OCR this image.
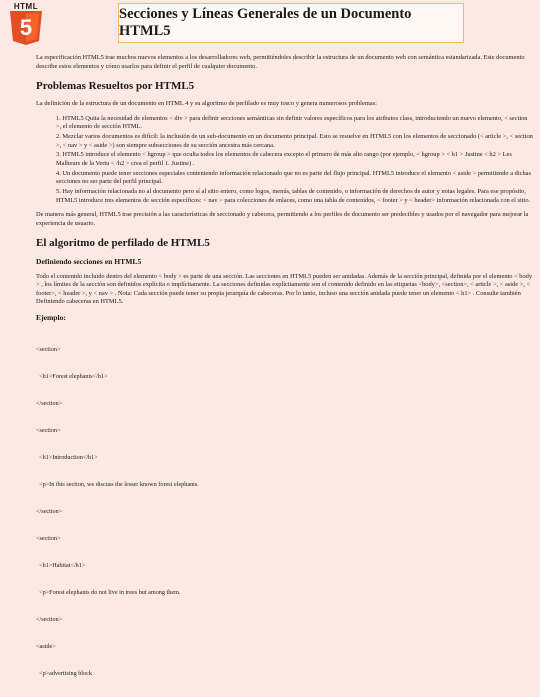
HTML
5
Secciones y Líneas Generales de un Documento HTML5

La especificación HTML5 trae muchos nuevos elementos a los desarrolladores web, permitiéndoles describir la estructura de un documento web con semántica estandarizada. Este documento describe estos elementos y cómo usarlos para definir el perfil de cualquier documento.

Problemas Resueltos por HTML5

La definición de la estructura de un documento en HTML 4 y su algoritmo de perfilado es muy tosco y genera numerosos problemas:

1. HTML5 Quita la necesidad de elementos < div > para definir secciones semánticas sin definir valores específicos para los atributos class, introduciendo un nuevo elemento, < section >, el elemento de sección HTML.
2. Mezclar varios documentos es difícil: la inclusión de un sub-documento en un documento principal. Esto se resuelve en HTML5 con los elementos de seccionado (< article >, < section >, < nav > y < aside >) son siempre subsecciones de su sección ancestra más cercana.
3. HTML5 introduce el elemento < hgroup > que oculta todos los elementos de cabecera excepto el primero de más alto rango (por ejemplo, < hgroup > < h1 > Justine < h2 > Les Malheurs de la Vertu < /h2 > crea el perfil 1. Justine) .
4. Un documento puede tener secciones especiales conteniendo información relacionado que no es parte del flujo principal. HTML5 introduce el elemento < aside > permitiendo a dichas secciones no ser parte del perfil principal.
5. Hay información relacionada no al documento pero sí al sitio entero, como logos, menús, tablas de contenido, o información de derechos de autor y notas legales. Para ese propósito, HTML5 introduce tres elementos de sección específicos: < nav > para colecciones de enlaces, como una tabla de contenidos, < footer > y < header> información relacionada con el sitio.

De manera más general, HTML5 trae precisión a las características de seccionado y cabecera, permitiendo a los perfiles de documento ser predecibles y usados por el navegador para mejorar la experiencia de usuario.

El algoritmo de perfilado de HTML5
Definiendo secciones en HTML5

Todo el contenido incluido dentro del elemento < body > es parte de una sección. Las secciones en HTML5 pueden ser anidadas. Además de la sección principal, definida por el elemento < body > , los límites de la sección son definidos explícita o implícitamente. La secciones definidas explícitamente son el contenido definido en las etiquetas <body>, <section>, < article >, < aside >, < footer>, < header >, y < nav > . Nota: Cada sección puede tener su propia jerarquía de cabeceras. Por lo tanto, incluso una sección anidada puede tener un elemento < h1> . Consulte también Definiendo cabeceras en HTML5.

Ejemplo:

<section>

<h1>Forest elephants</h1>

</section>

<section>

<h1>Introduction</h1>

<p>In this section, we discuss the lesser known forest elephants.

</section>

<section>

<h1>Habitat</h1>

<p>Forest elephants do not live in trees but among them.

</section>

<aside>

<p>advertising block
